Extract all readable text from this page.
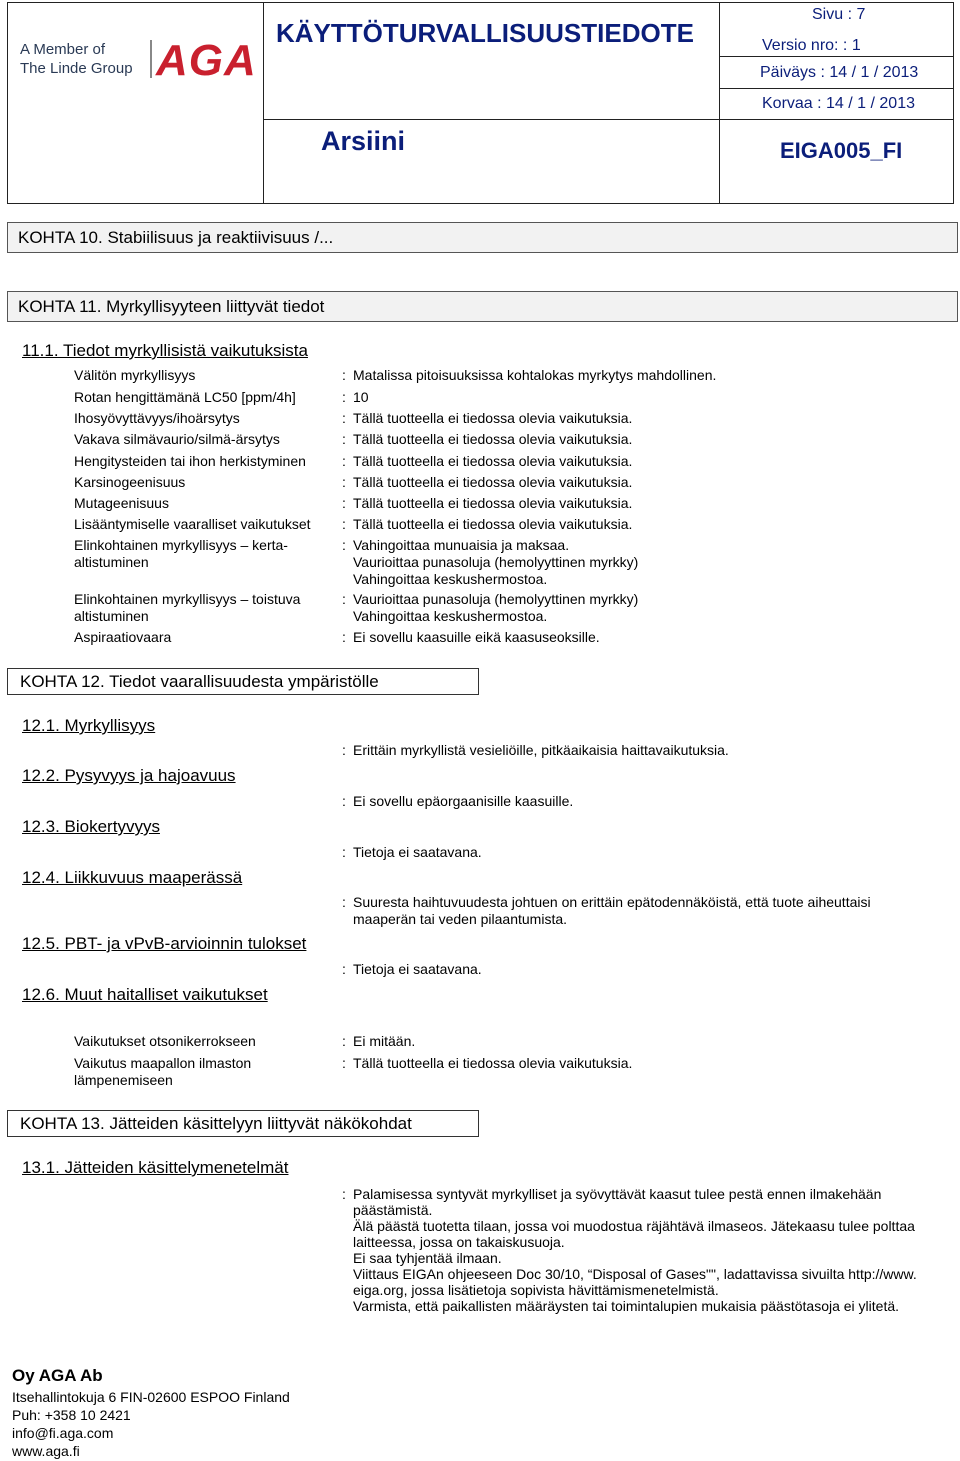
A Member of
The Linde Group AGA
KÄYTTÖTURVALLISUUSTIEDOTE
Arsiini
Sivu : 7
Versio nro: : 1
Päiväys : 14 / 1 / 2013
Korvaa : 14 / 1 / 2013
EIGA005_FI
KOHTA 10. Stabiilisuus ja reaktiivisuus /...
KOHTA 11. Myrkyllisyyteen liittyvät tiedot
11.1. Tiedot myrkyllisistä vaikutuksista
Välitön myrkyllisyys	: Matalissa pitoisuuksissa kohtalokas myrkytys mahdollinen.
Rotan hengittämänä LC50 [ppm/4h]	: 10
Ihosyövyttävyys/ihoärsytys	: Tällä tuotteella ei tiedossa olevia vaikutuksia.
Vakava silmävaurio/silmä-ärsytys	: Tällä tuotteella ei tiedossa olevia vaikutuksia.
Hengitysteiden tai ihon herkistyminen	: Tällä tuotteella ei tiedossa olevia vaikutuksia.
Karsinogeenisuus	: Tällä tuotteella ei tiedossa olevia vaikutuksia.
Mutageenisuus	: Tällä tuotteella ei tiedossa olevia vaikutuksia.
Lisääntymiselle vaaralliset vaikutukset : Tällä tuotteella ei tiedossa olevia vaikutuksia.
Elinkohtainen myrkyllisyys – kerta-altistuminen
: Vahingoittaa munuaisia ja maksaa.
Vaurioittaa punasoluja (hemolyyttinen myrkky)
Vahingoittaa keskushermostoa.
Elinkohtainen myrkyllisyys – toistuva altistuminen
: Vaurioittaa punasoluja (hemolyyttinen myrkky)
Vahingoittaa keskushermostoa.
Aspiraatiovaara	: Ei sovellu kaasuille eikä kaasuseoksille.
KOHTA 12. Tiedot vaarallisuudesta ympäristölle
12.1. Myrkyllisyys
: Erittäin myrkyllistä vesieliöille, pitkäaikaisia haittavaikutuksia.
12.2. Pysyvyys ja hajoavuus
: Ei sovellu epäorgaanisille kaasuille.
12.3. Biokertyvyys
: Tietoja ei saatavana.
12.4. Liikkuvuus maaperässä
: Suuresta haihtuvuudesta johtuen on erittäin epätodennäköistä, että tuote aiheuttaisi
maaperän tai veden pilaantumista.
12.5. PBT- ja vPvB-arvioinnin tulokset
: Tietoja ei saatavana.
12.6. Muut haitalliset vaikutukset
Vaikutukset otsonikerrokseen	: Ei mitään.
Vaikutus maapallon ilmaston lämpenemiseen
: Tällä tuotteella ei tiedossa olevia vaikutuksia.
KOHTA 13. Jätteiden käsittelyyn liittyvät näkökohdat
13.1. Jätteiden käsittelymenetelmät
: Palamisessa syntyvät myrkylliset ja syövyttävät kaasut tulee pestä ennen ilmakehään
päästämistä.
Älä päästä tuotetta tilaan, jossa voi muodostua räjähtävä ilmaseos. Jätekaasu tulee polttaa
laitteessa, jossa on takaiskusuoja.
Ei saa tyhjentää ilmaan.
Viittaus EIGAn ohjeeseen Doc 30/10, “Disposal of Gases"", ladattavissa sivuilta http://www.
eiga.org, jossa lisätietoja sopivista hävittämismenetelmistä.
Varmista, että paikallisten määräysten tai toimintalupien mukaisia päästötasoja ei ylitetä.
Oy AGA Ab
Itsehallintokuja 6 FIN-02600 ESPOO Finland
Puh: +358 10 2421
info@fi.aga.com
www.aga.fi
